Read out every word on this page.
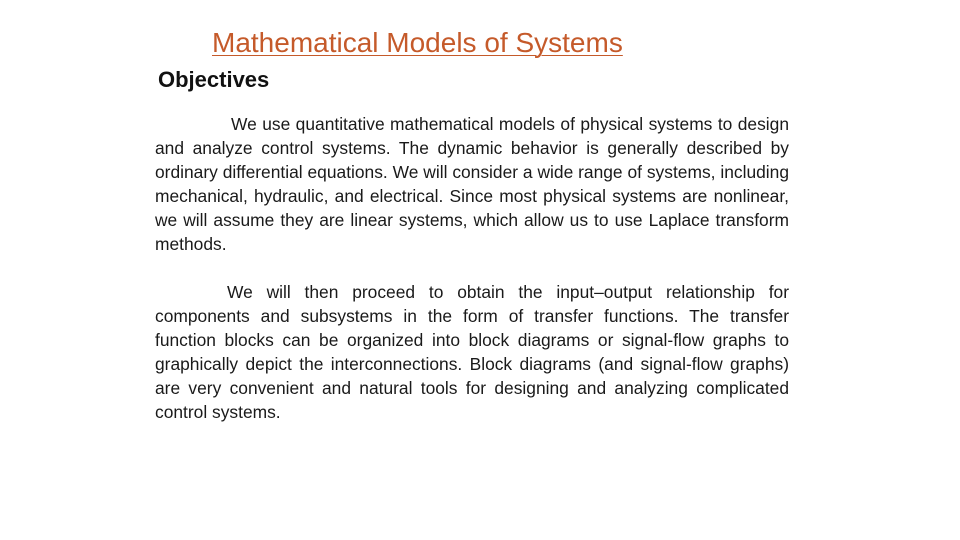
Mathematical Models of Systems
Objectives

We use quantitative mathematical models of physical systems to design and analyze control systems. The dynamic behavior is generally described by ordinary differential equations. We will consider a wide range of systems, including mechanical, hydraulic, and electrical. Since most physical systems are nonlinear, we will assume they are linear systems, which allow us to use Laplace transform methods.

We will then proceed to obtain the input–output relationship for components and subsystems in the form of transfer functions. The transfer function blocks can be organized into block diagrams or signal-flow graphs to graphically depict the interconnections. Block diagrams (and signal-flow graphs) are very convenient and natural tools for designing and analyzing complicated control systems.
